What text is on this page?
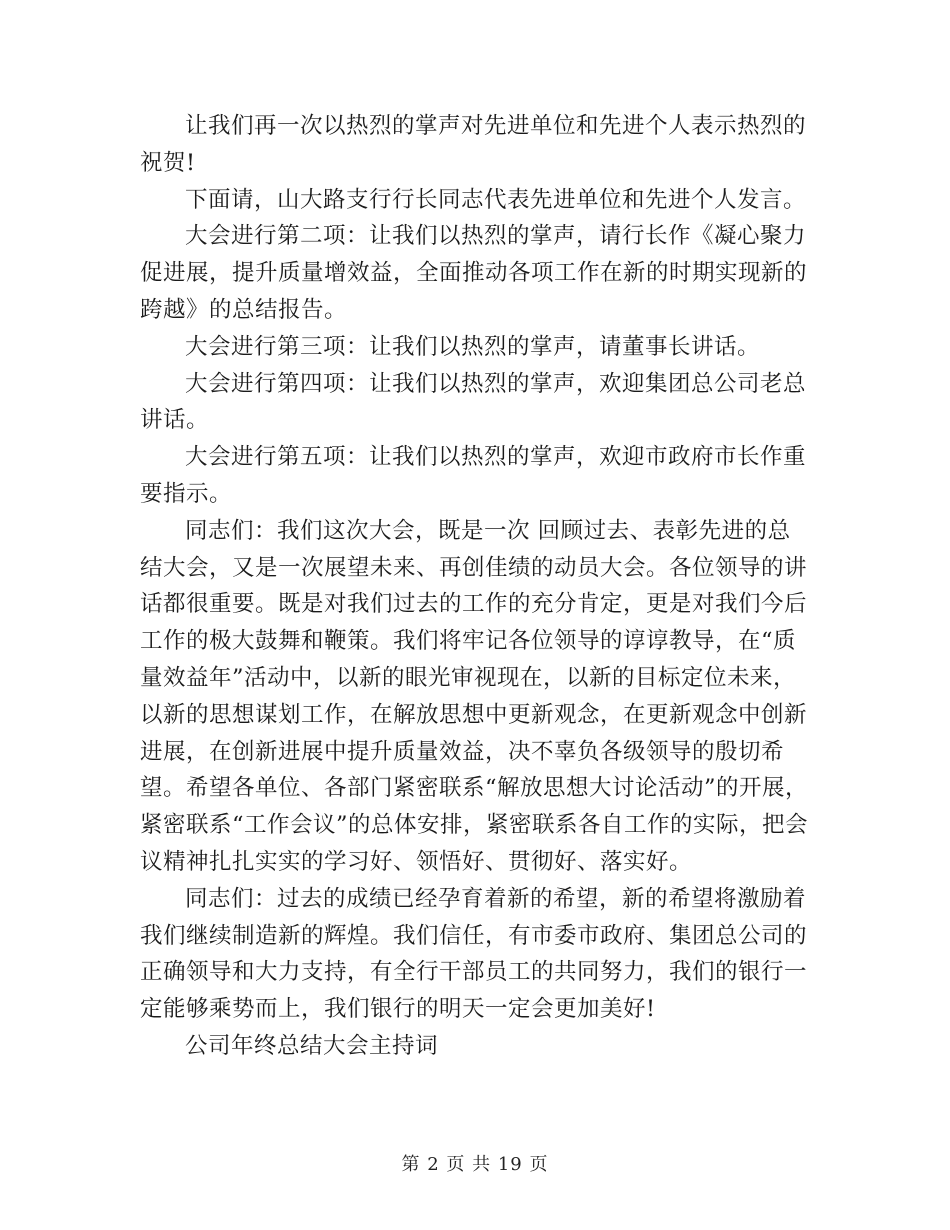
让我们再一次以热烈的掌声对先进单位和先进个人表示热烈的祝贺!

下面请，山大路支行行长同志代表先进单位和先进个人发言。

大会进行第二项：让我们以热烈的掌声，请行长作《凝心聚力促进展，提升质量增效益，全面推动各项工作在新的时期实现新的跨越》的总结报告。

大会进行第三项：让我们以热烈的掌声，请董事长讲话。

大会进行第四项：让我们以热烈的掌声，欢迎集团总公司老总讲话。

大会进行第五项：让我们以热烈的掌声，欢迎市政府市长作重要指示。

同志们：我们这次大会，既是一次 回顾过去、表彰先进的总结大会，又是一次展望未来、再创佳绩的动员大会。各位领导的讲话都很重要。既是对我们过去的工作的充分肯定，更是对我们今后工作的极大鼓舞和鞭策。我们将牢记各位领导的谆谆教导，在“质量效益年”活动中，以新的眼光审视现在，以新的目标定位未来，以新的思想谋划工作，在解放思想中更新观念，在更新观念中创新进展，在创新进展中提升质量效益，决不辜负各级领导的殷切希望。希望各单位、各部门紧密联系“解放思想大讨论活动”的开展，紧密联系“工作会议”的总体安排，紧密联系各自工作的实际，把会议精神扎扎实实的学习好、领悟好、贯彻好、落实好。

同志们：过去的成绩已经孕育着新的希望，新的希望将激励着我们继续制造新的辉煌。我们信任，有市委市政府、集团总公司的正确领导和大力支持，有全行干部员工的共同努力，我们的银行一定能够乘势而上，我们银行的明天一定会更加美好!

公司年终总结大会主持词

第 2 页 共 19 页
